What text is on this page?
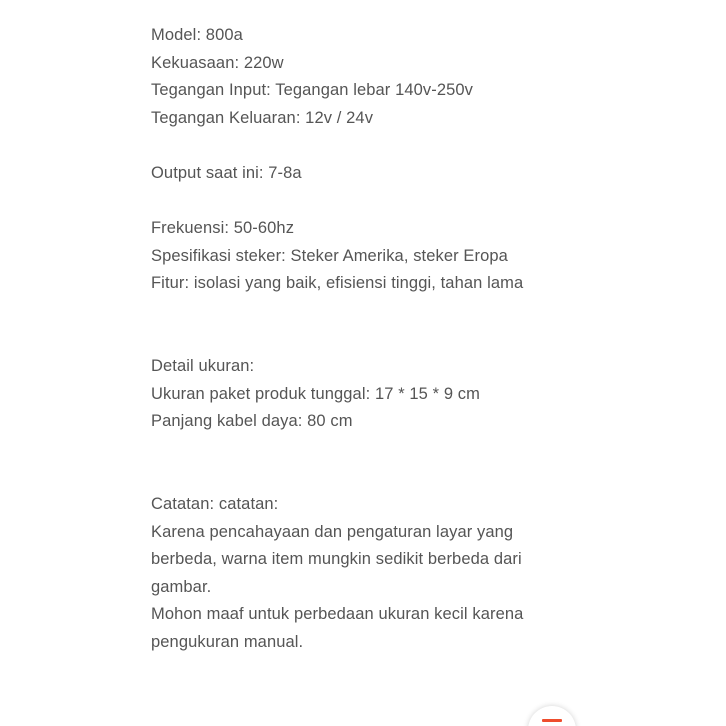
Model: 800a
Kekuasaan: 220w
Tegangan Input: Tegangan lebar 140v-250v
Tegangan Keluaran: 12v / 24v
Output saat ini: 7-8a
Frekuensi: 50-60hz
Spesifikasi steker: Steker Amerika, steker Eropa
Fitur: isolasi yang baik, efisiensi tinggi, tahan lama
Detail ukuran:
Ukuran paket produk tunggal: 17 * 15 * 9 cm
Panjang kabel daya: 80 cm
Catatan: catatan:
Karena pencahayaan dan pengaturan layar yang
berbeda, warna item mungkin sedikit berbeda dari
gambar.
Mohon maaf untuk perbedaan ukuran kecil karena
pengukuran manual.
